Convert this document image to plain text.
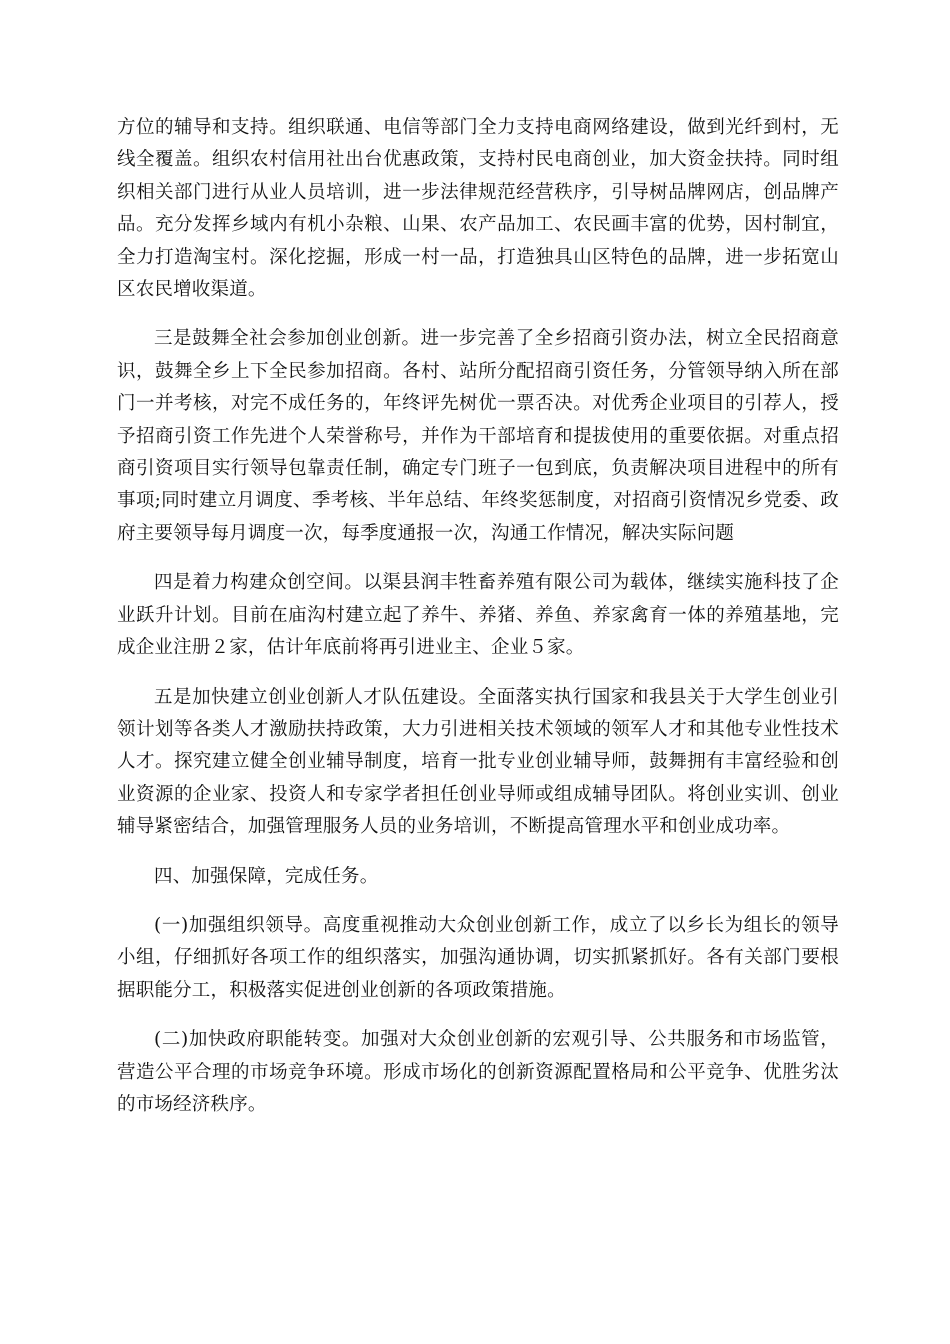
方位的辅导和支持。组织联通、电信等部门全力支持电商网络建设，做到光纤到村，无线全覆盖。组织农村信用社出台优惠政策，支持村民电商创业，加大资金扶持。同时组织相关部门进行从业人员培训，进一步法律规范经营秩序，引导树品牌网店，创品牌产品。充分发挥乡域内有机小杂粮、山果、农产品加工、农民画丰富的优势，因村制宜，全力打造淘宝村。深化挖掘，形成一村一品，打造独具山区特色的品牌，进一步拓宽山区农民增收渠道。

三是鼓舞全社会参加创业创新。进一步完善了全乡招商引资办法，树立全民招商意识，鼓舞全乡上下全民参加招商。各村、站所分配招商引资任务，分管领导纳入所在部门一并考核，对完不成任务的，年终评先树优一票否决。对优秀企业项目的引荐人，授予招商引资工作先进个人荣誉称号，并作为干部培育和提拔使用的重要依据。对重点招商引资项目实行领导包靠责任制，确定专门班子一包到底，负责解决项目进程中的所有事项;同时建立月调度、季考核、半年总结、年终奖惩制度，对招商引资情况乡党委、政府主要领导每月调度一次，每季度通报一次，沟通工作情况，解决实际问题

四是着力构建众创空间。以渠县润丰牲畜养殖有限公司为载体，继续实施科技了企业跃升计划。目前在庙沟村建立起了养牛、养猪、养鱼、养家禽育一体的养殖基地，完成企业注册２家，估计年底前将再引进业主、企业５家。

五是加快建立创业创新人才队伍建设。全面落实执行国家和我县关于大学生创业引领计划等各类人才激励扶持政策，大力引进相关技术领域的领军人才和其他专业性技术人才。探究建立健全创业辅导制度，培育一批专业创业辅导师，鼓舞拥有丰富经验和创业资源的企业家、投资人和专家学者担任创业导师或组成辅导团队。将创业实训、创业辅导紧密结合，加强管理服务人员的业务培训，不断提高管理水平和创业成功率。

四、加强保障，完成任务。

(一)加强组织领导。高度重视推动大众创业创新工作，成立了以乡长为组长的领导小组，仔细抓好各项工作的组织落实，加强沟通协调，切实抓紧抓好。各有关部门要根据职能分工，积极落实促进创业创新的各项政策措施。

(二)加快政府职能转变。加强对大众创业创新的宏观引导、公共服务和市场监管，营造公平合理的市场竞争环境。形成市场化的创新资源配置格局和公平竞争、优胜劣汰的市场经济秩序。
